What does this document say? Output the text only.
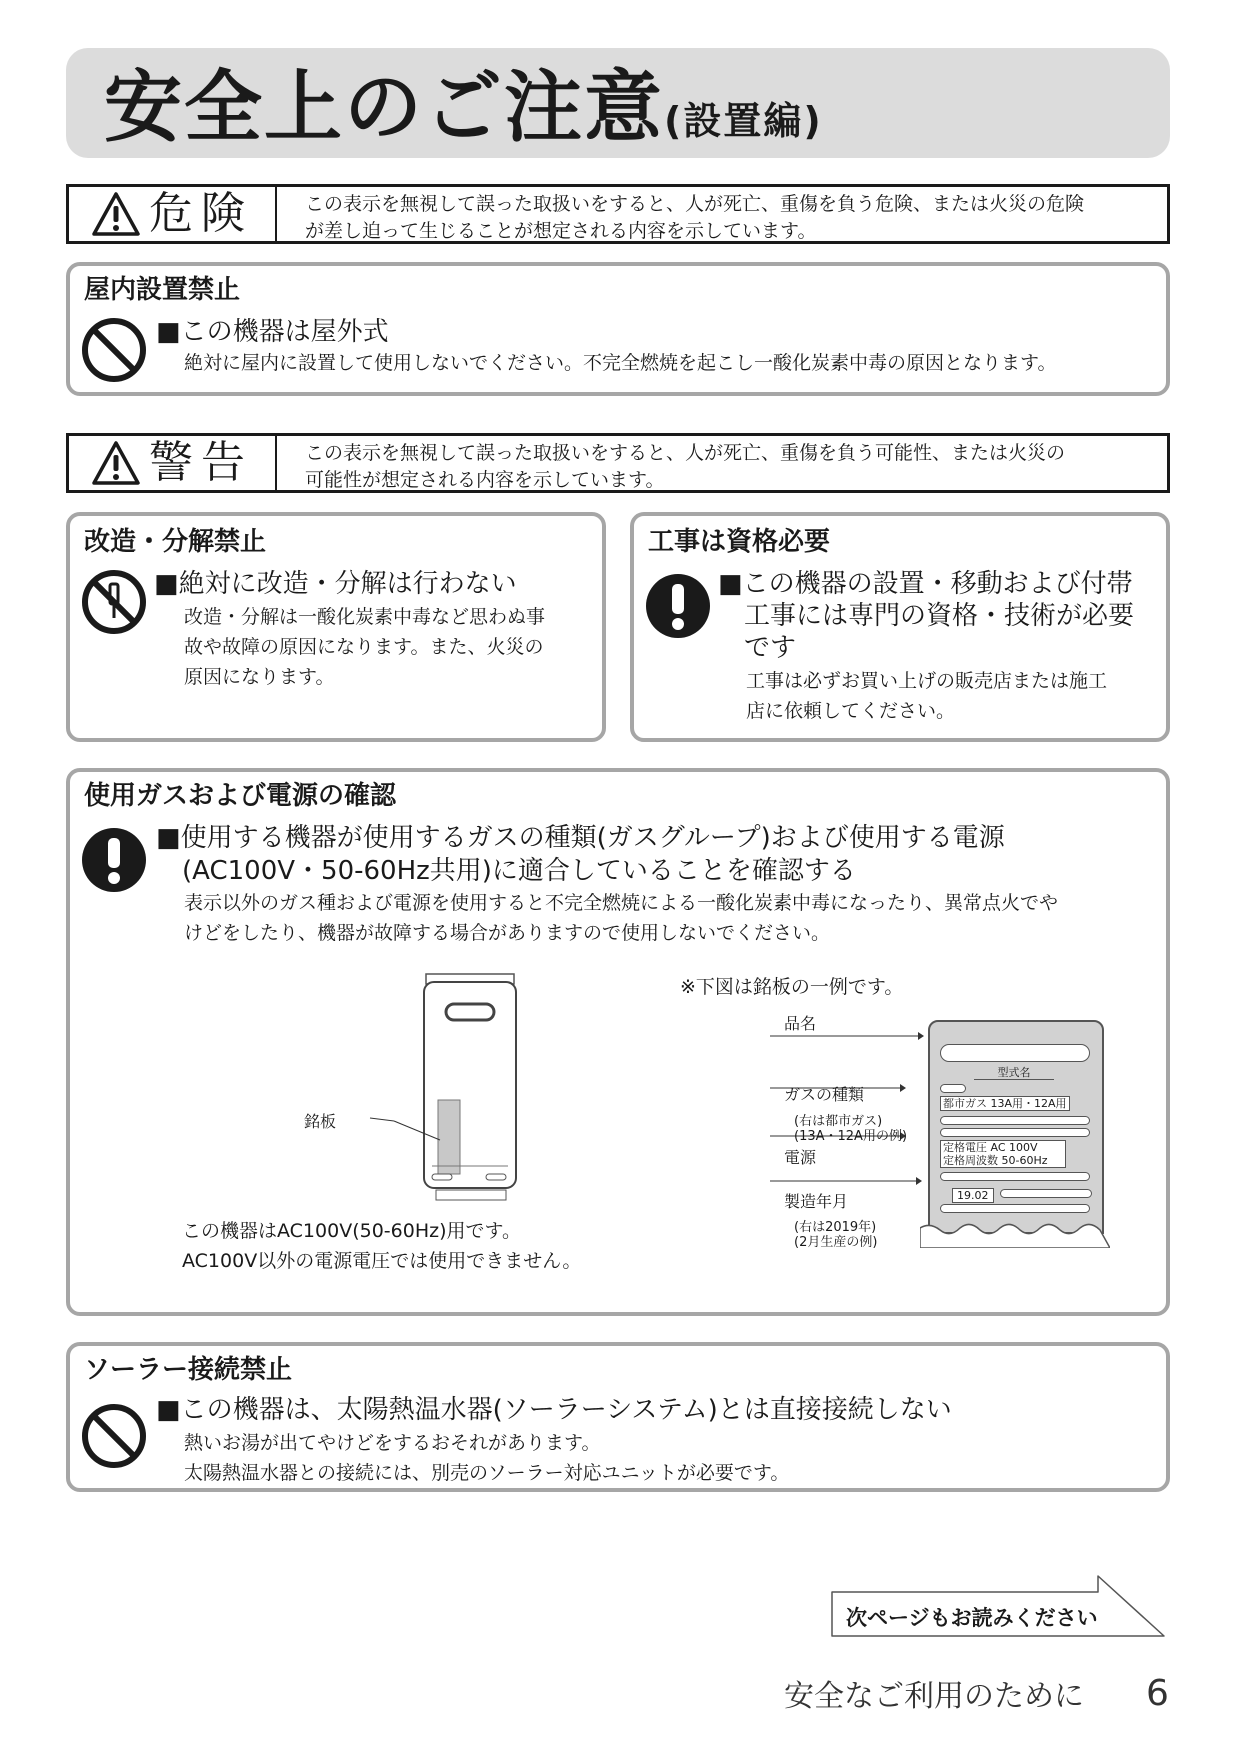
安全上のご注意(設置編)
危険	この表示を無視して誤った取扱いをすると、人が死亡、重傷を負う危険、または火災の危険
が差し迫って生じることが想定される内容を示しています。
屋内設置禁止
■この機器は屋外式
絶対に屋内に設置して使用しないでください。不完全燃焼を起こし一酸化炭素中毒の原因となります。
警告	この表示を無視して誤った取扱いをすると、人が死亡、重傷を負う可能性、または火災の
可能性が想定される内容を示しています。
改造・分解禁止
■絶対に改造・分解は行わない
改造・分解は一酸化炭素中毒など思わぬ事
故や故障の原因になります。また、火災の
原因になります。
工事は資格必要
■この機器の設置・移動および付帯
工事には専門の資格・技術が必要
です
工事は必ずお買い上げの販売店または施工
店に依頼してください。
使用ガスおよび電源の確認
■使用する機器が使用するガスの種類(ガスグループ)および使用する電源
(AC100V・50-60Hz共用)に適合していることを確認する
表示以外のガス種および電源を使用すると不完全燃焼による一酸化炭素中毒になったり、異常点火でや
けどをしたり、機器が故障する場合がありますので使用しないでください。
銘板
この機器はAC100V(50-60Hz)用です。
AC100V以外の電源電圧では使用できません。
※下図は銘板の一例です。
品名
ガスの種類
(右は都市ガス)
(13A・12A用の例)
電源
製造年月
(右は2019年)
(2月生産の例)
型式名
都市ガス 13A用・12A用
定格電圧 AC 100V
定格周波数 50-60Hz
19.02
ソーラー接続禁止
■この機器は、太陽熱温水器(ソーラーシステム)とは直接接続しない
熱いお湯が出てやけどをするおそれがあります。
太陽熱温水器との接続には、別売のソーラー対応ユニットが必要です。
次ページもお読みください
安全なご利用のために 6
